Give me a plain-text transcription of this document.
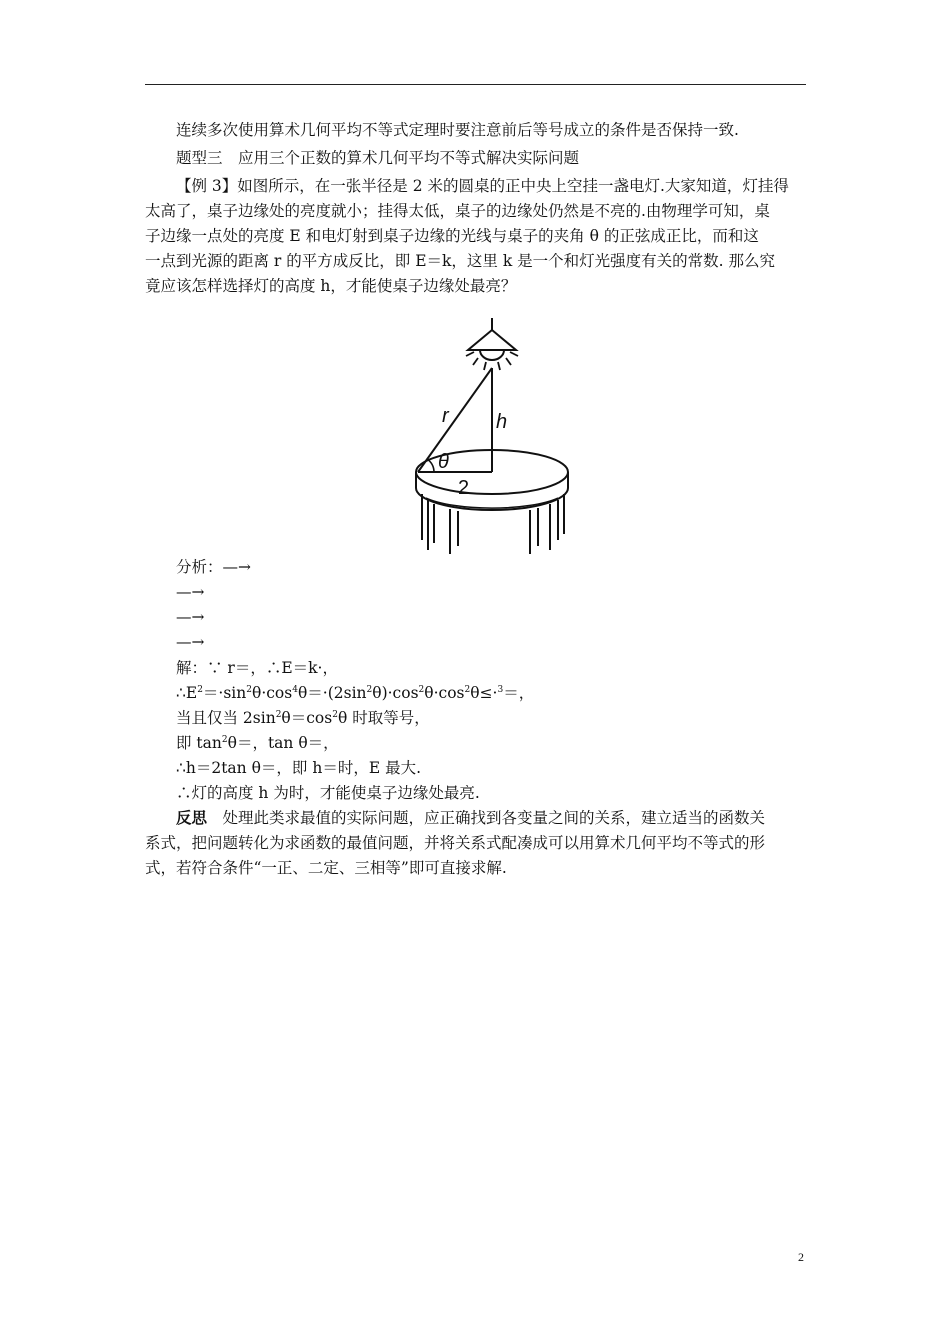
连续多次使用算术几何平均不等式定理时要注意前后等号成立的条件是否保持一致.
题型三　应用三个正数的算术几何平均不等式解决实际问题
【例 3】如图所示，在一张半径是 2 米的圆桌的正中央上空挂一盏电灯.大家知道，灯挂得
太高了，桌子边缘处的亮度就小；挂得太低，桌子的边缘处仍然是不亮的.由物理学可知，桌
子边缘一点处的亮度 E 和电灯射到桌子边缘的光线与桌子的夹角 θ 的正弦成正比，而和这
一点到光源的距离 r 的平方成反比，即 E＝k，这里 k 是一个和灯光强度有关的常数. 那么究
竟应该怎样选择灯的高度 h，才能使桌子边缘处最亮？
r h
θ
2
分析：—→
—→
—→
—→
解：∵ r＝，∴E＝k·，
$\therefore E^2=\cdot\sin^2\theta\cdot\cos^4\theta=\cdot(2\sin^2\theta)\cdot\cos^2\theta\cdot\cos^2\theta\le\cdot^3=$，
当且仅当 $2\sin^2\theta=\cos^2\theta$ 时取等号，
即 $\tan^2\theta=$，tan θ＝，
∴h＝2tan θ＝，即 h＝时，E 最大.
∴灯的高度 h 为时，才能使桌子边缘处最亮.
反思　处理此类求最值的实际问题，应正确找到各变量之间的关系，建立适当的函数关
系式，把问题转化为求函数的最值问题，并将关系式配凑成可以用算术几何平均不等式的形
式，若符合条件“一正、二定、三相等”即可直接求解.
2
